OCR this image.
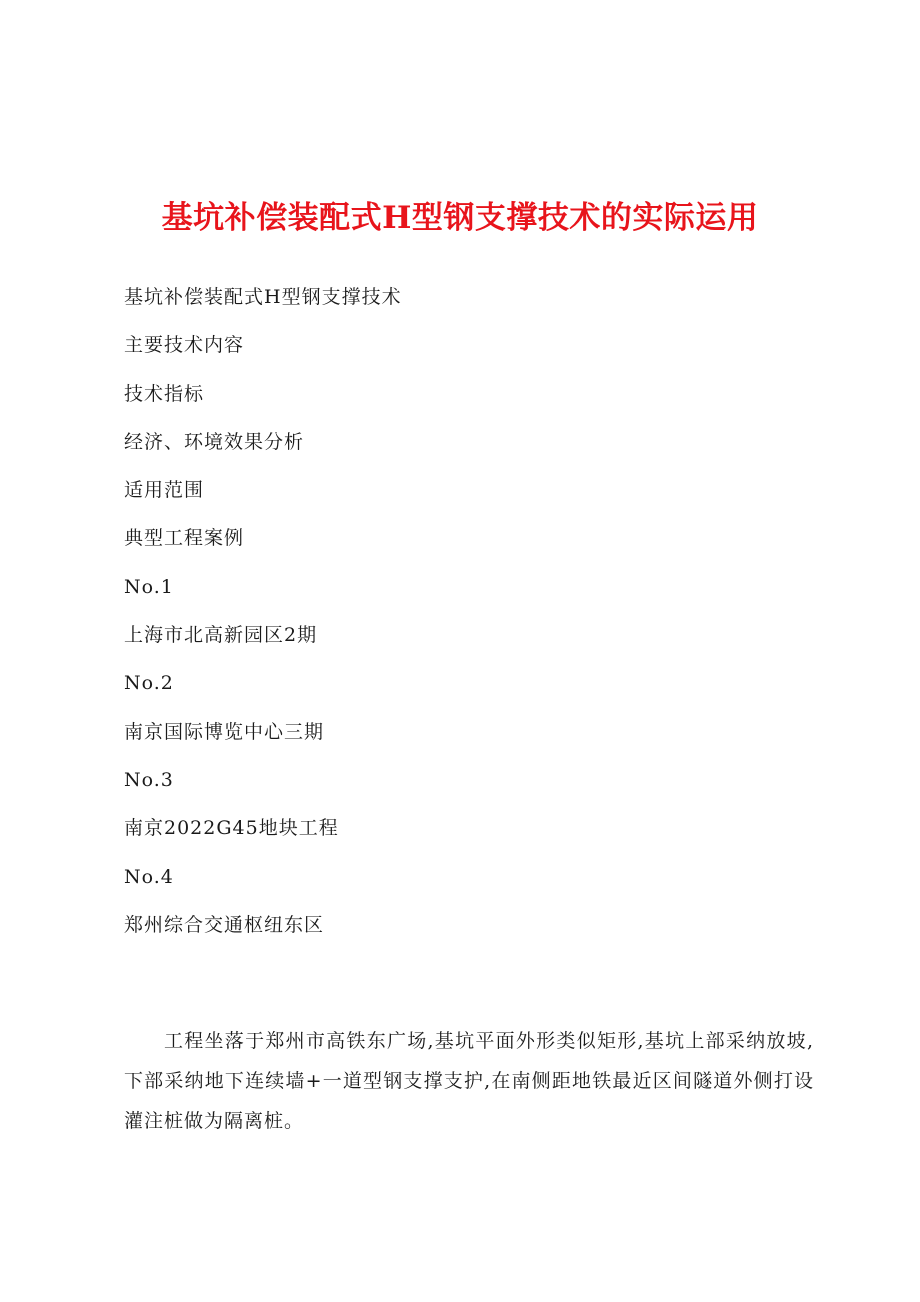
基坑补偿装配式H型钢支撑技术的实际运用
基坑补偿装配式H型钢支撑技术
主要技术内容
技术指标
经济、环境效果分析
适用范围
典型工程案例
No.1
上海市北高新园区2期
No.2
南京国际博览中心三期
No.3
南京2022G45地块工程
No.4
郑州综合交通枢纽东区

工程坐落于郑州市高铁东广场,基坑平面外形类似矩形,基坑上部采纳放坡,下部采纳地下连续墙+一道型钢支撑支护,在南侧距地铁最近区间隧道外侧打设灌注桩做为隔离桩。
